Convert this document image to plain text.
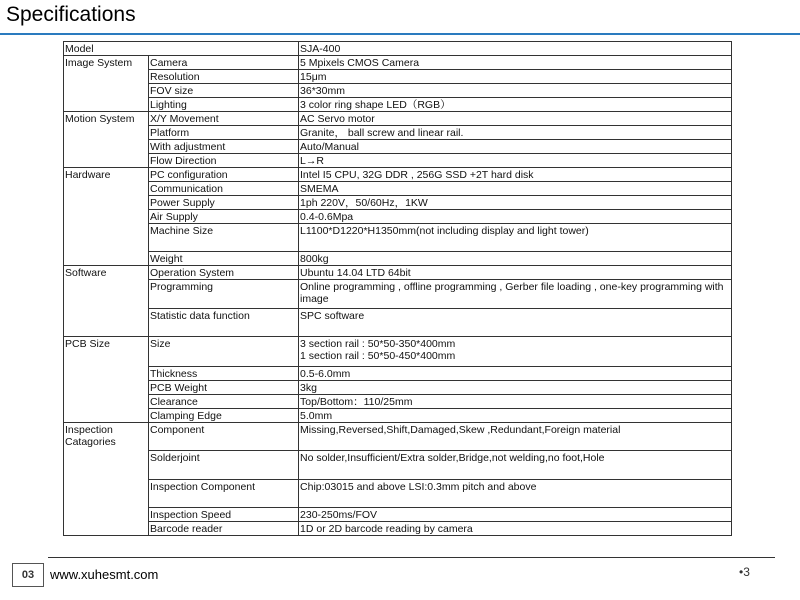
Specifications
Model		SJA-400
Image System	Camera	5 Mpixels CMOS Camera
	Resolution	15μm
	FOV size	36*30mm
	Lighting	3 color ring shape LED（RGB）
Motion System	X/Y Movement	AC Servo motor
	Platform	Granite， ball screw and linear rail.
	With adjustment	Auto/Manual
	Flow Direction	L→R
Hardware	PC configuration	Intel I5 CPU, 32G DDR , 256G SSD +2T hard disk
	Communication	SMEMA
	Power Supply	1ph 220V，50/60Hz，1KW
	Air Supply	0.4-0.6Mpa
	Machine Size	L1100*D1220*H1350mm(not including display and light tower)
	Weight	800kg
Software	Operation System	Ubuntu 14.04 LTD 64bit
	Programming	Online programming , offline programming , Gerber file loading , one-key programming with image
	Statistic data function	SPC software
PCB Size	Size	3 section rail : 50*50-350*400mm
1 section rail : 50*50-450*400mm

	Thickness	0.5-6.0mm
	PCB Weight	3kg
	Clearance	Top/Bottom：110/25mm
	Clamping Edge	5.0mm

Inspection
Catagories	Component	Missing,Reversed,Shift,Damaged,Skew ,Redundant,Foreign material
	Solderjoint	No solder,Insufficient/Extra solder,Bridge,not welding,no foot,Hole
	Inspection Component	Chip:03015 and above LSI:0.3mm pitch and above
	Inspection Speed	230-250ms/FOV
	Barcode reader	1D or 2D barcode reading by camera
03	www.xuhesmt.com	•3
